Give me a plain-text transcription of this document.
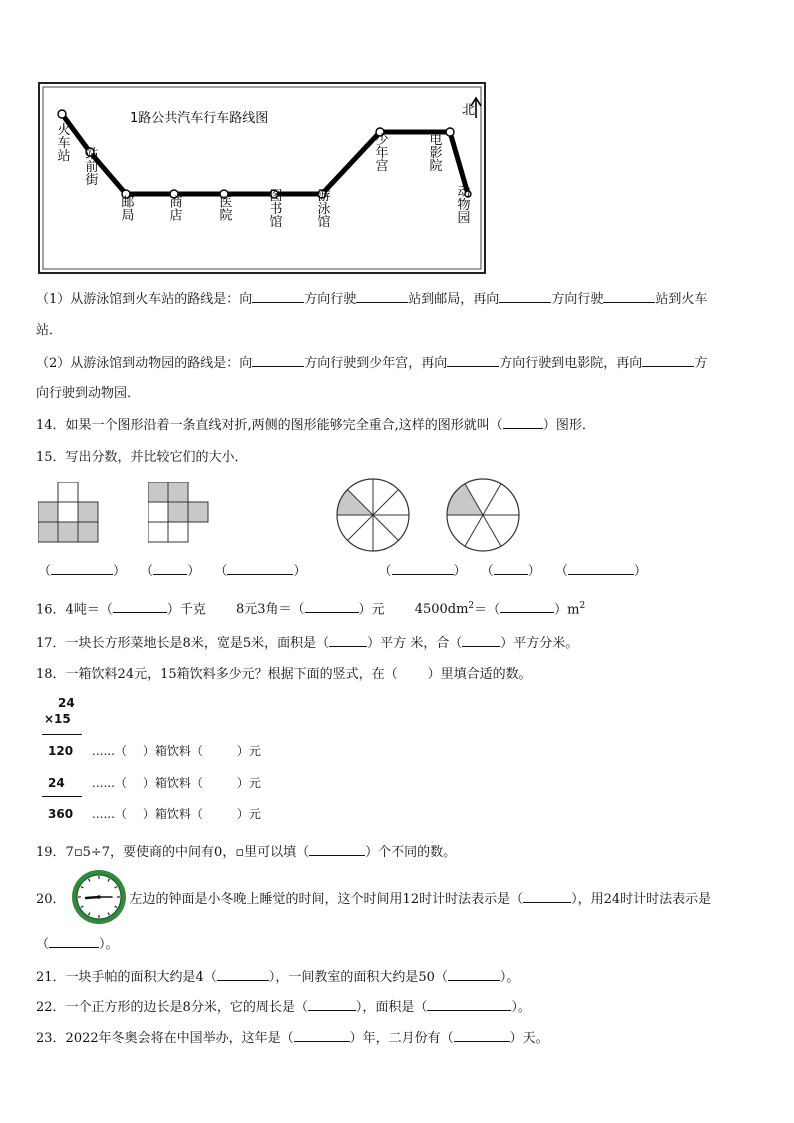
1路公共汽车行车路线图
北
火车站
站前街
邮局	商店	医院	图书馆	游泳馆
少年宫	电影院
动物园
（1）从游泳馆到火车站的路线是：向	方向行驶	站到邮局，再向	方向行驶	站到火车
站．
（2）从游泳馆到动物园的路线是：向	方向行驶到少年宫，再向	方向行驶到电影院，再向	方
向行驶到动物园．
14．如果一个图形沿着一条直线对折,两侧的图形能够完全重合,这样的图形就叫（	）图形．
15．写出分数，并比较它们的大小．
（	） （	） （	）	（	） （	） （	）
16．4吨＝（	）千克 8元3角＝（	）元 $4500dm^2=$（	）$m^2$
17．一块长方形菜地长是8米，宽是5米，面积是（	）平方 米，合（	）平方分米。
18．一箱饮料24元，15箱饮料多少元？根据下面的竖式，在（ ）里填合适的数。
24
×15
120 ......（ ）箱饮料（	）元
24 ......（ ）箱饮料（	）元
360 ......（ ）箱饮料（	）元
19．7▫5÷7，要使商的中间有0，▫里可以填（	）个不同的数。
20．	左边的钟面是小冬晚上睡觉的时间，这个时间用12时计时法表示是（	），用24时计时法表示是
（	）。
21．一块手帕的面积大约是4（	），一间教室的面积大约是50（	）。
22．一个正方形的边长是8分米，它的周长是（	），面积是（	）。
23．2022年冬奥会将在中国举办，这年是（	）年，二月份有（	）天。
